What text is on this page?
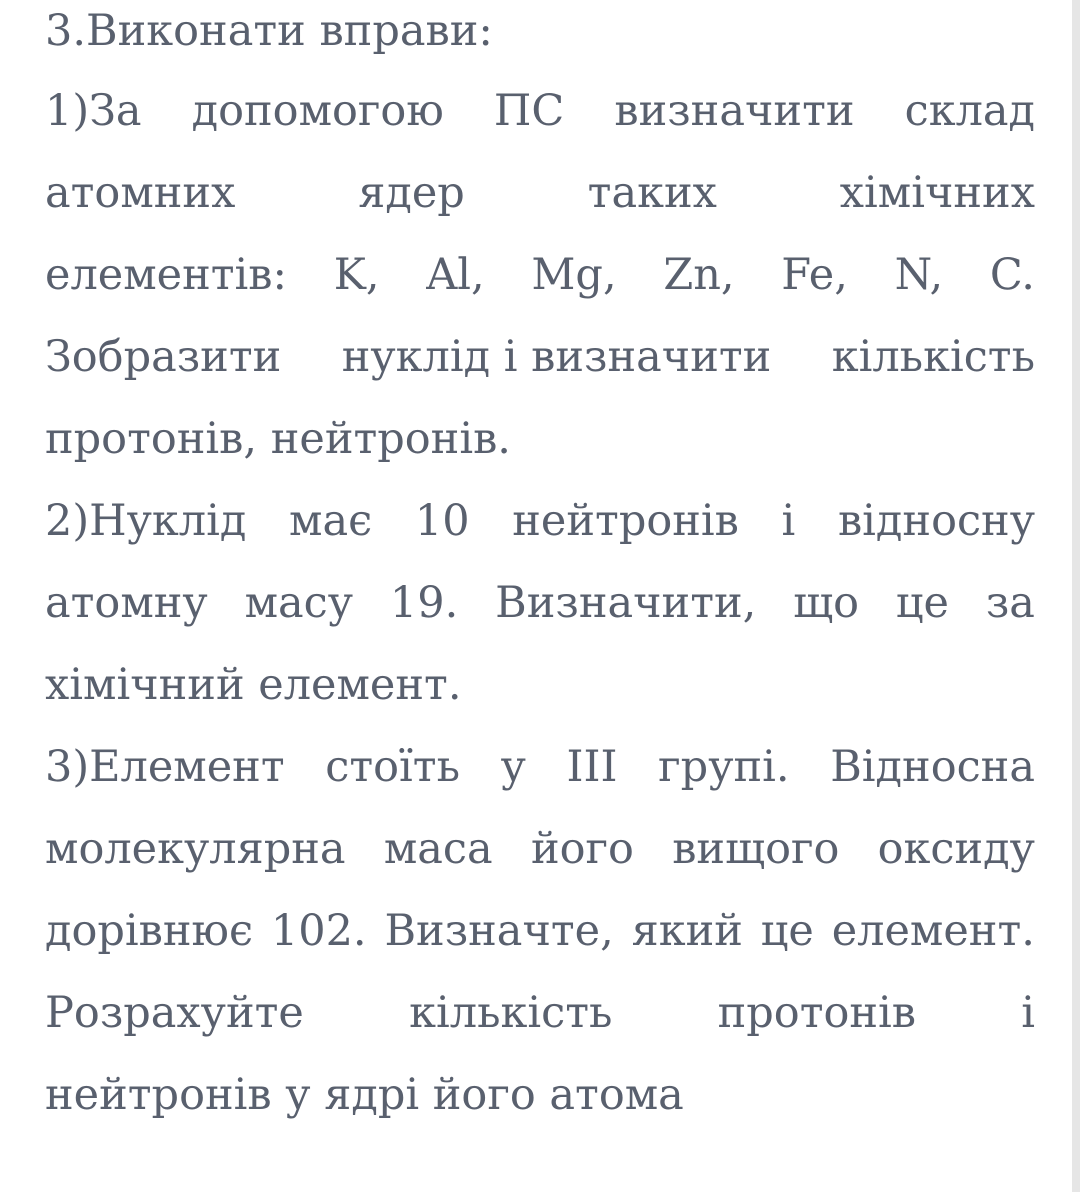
3.Виконати вправи:
1)За допомогою ПС визначити склад
атомних	ядер	таких	хімічних
елементів: K, Al, Mg, Zn, Fe, N, C.
Зобразити нуклід і визначити кількість
протонів, нейтронів.
2)Нуклід має 10 нейтронів і відносну
атомну масу 19. Визначити, що це за
хімічний елемент.
3)Елемент стоїть у III групі. Відносна
молекулярна маса його вищого оксиду
дорівнює 102. Визначте, який це елемент.
Розрахуйте кількість протонів і
нейтронів у ядрі його атома
